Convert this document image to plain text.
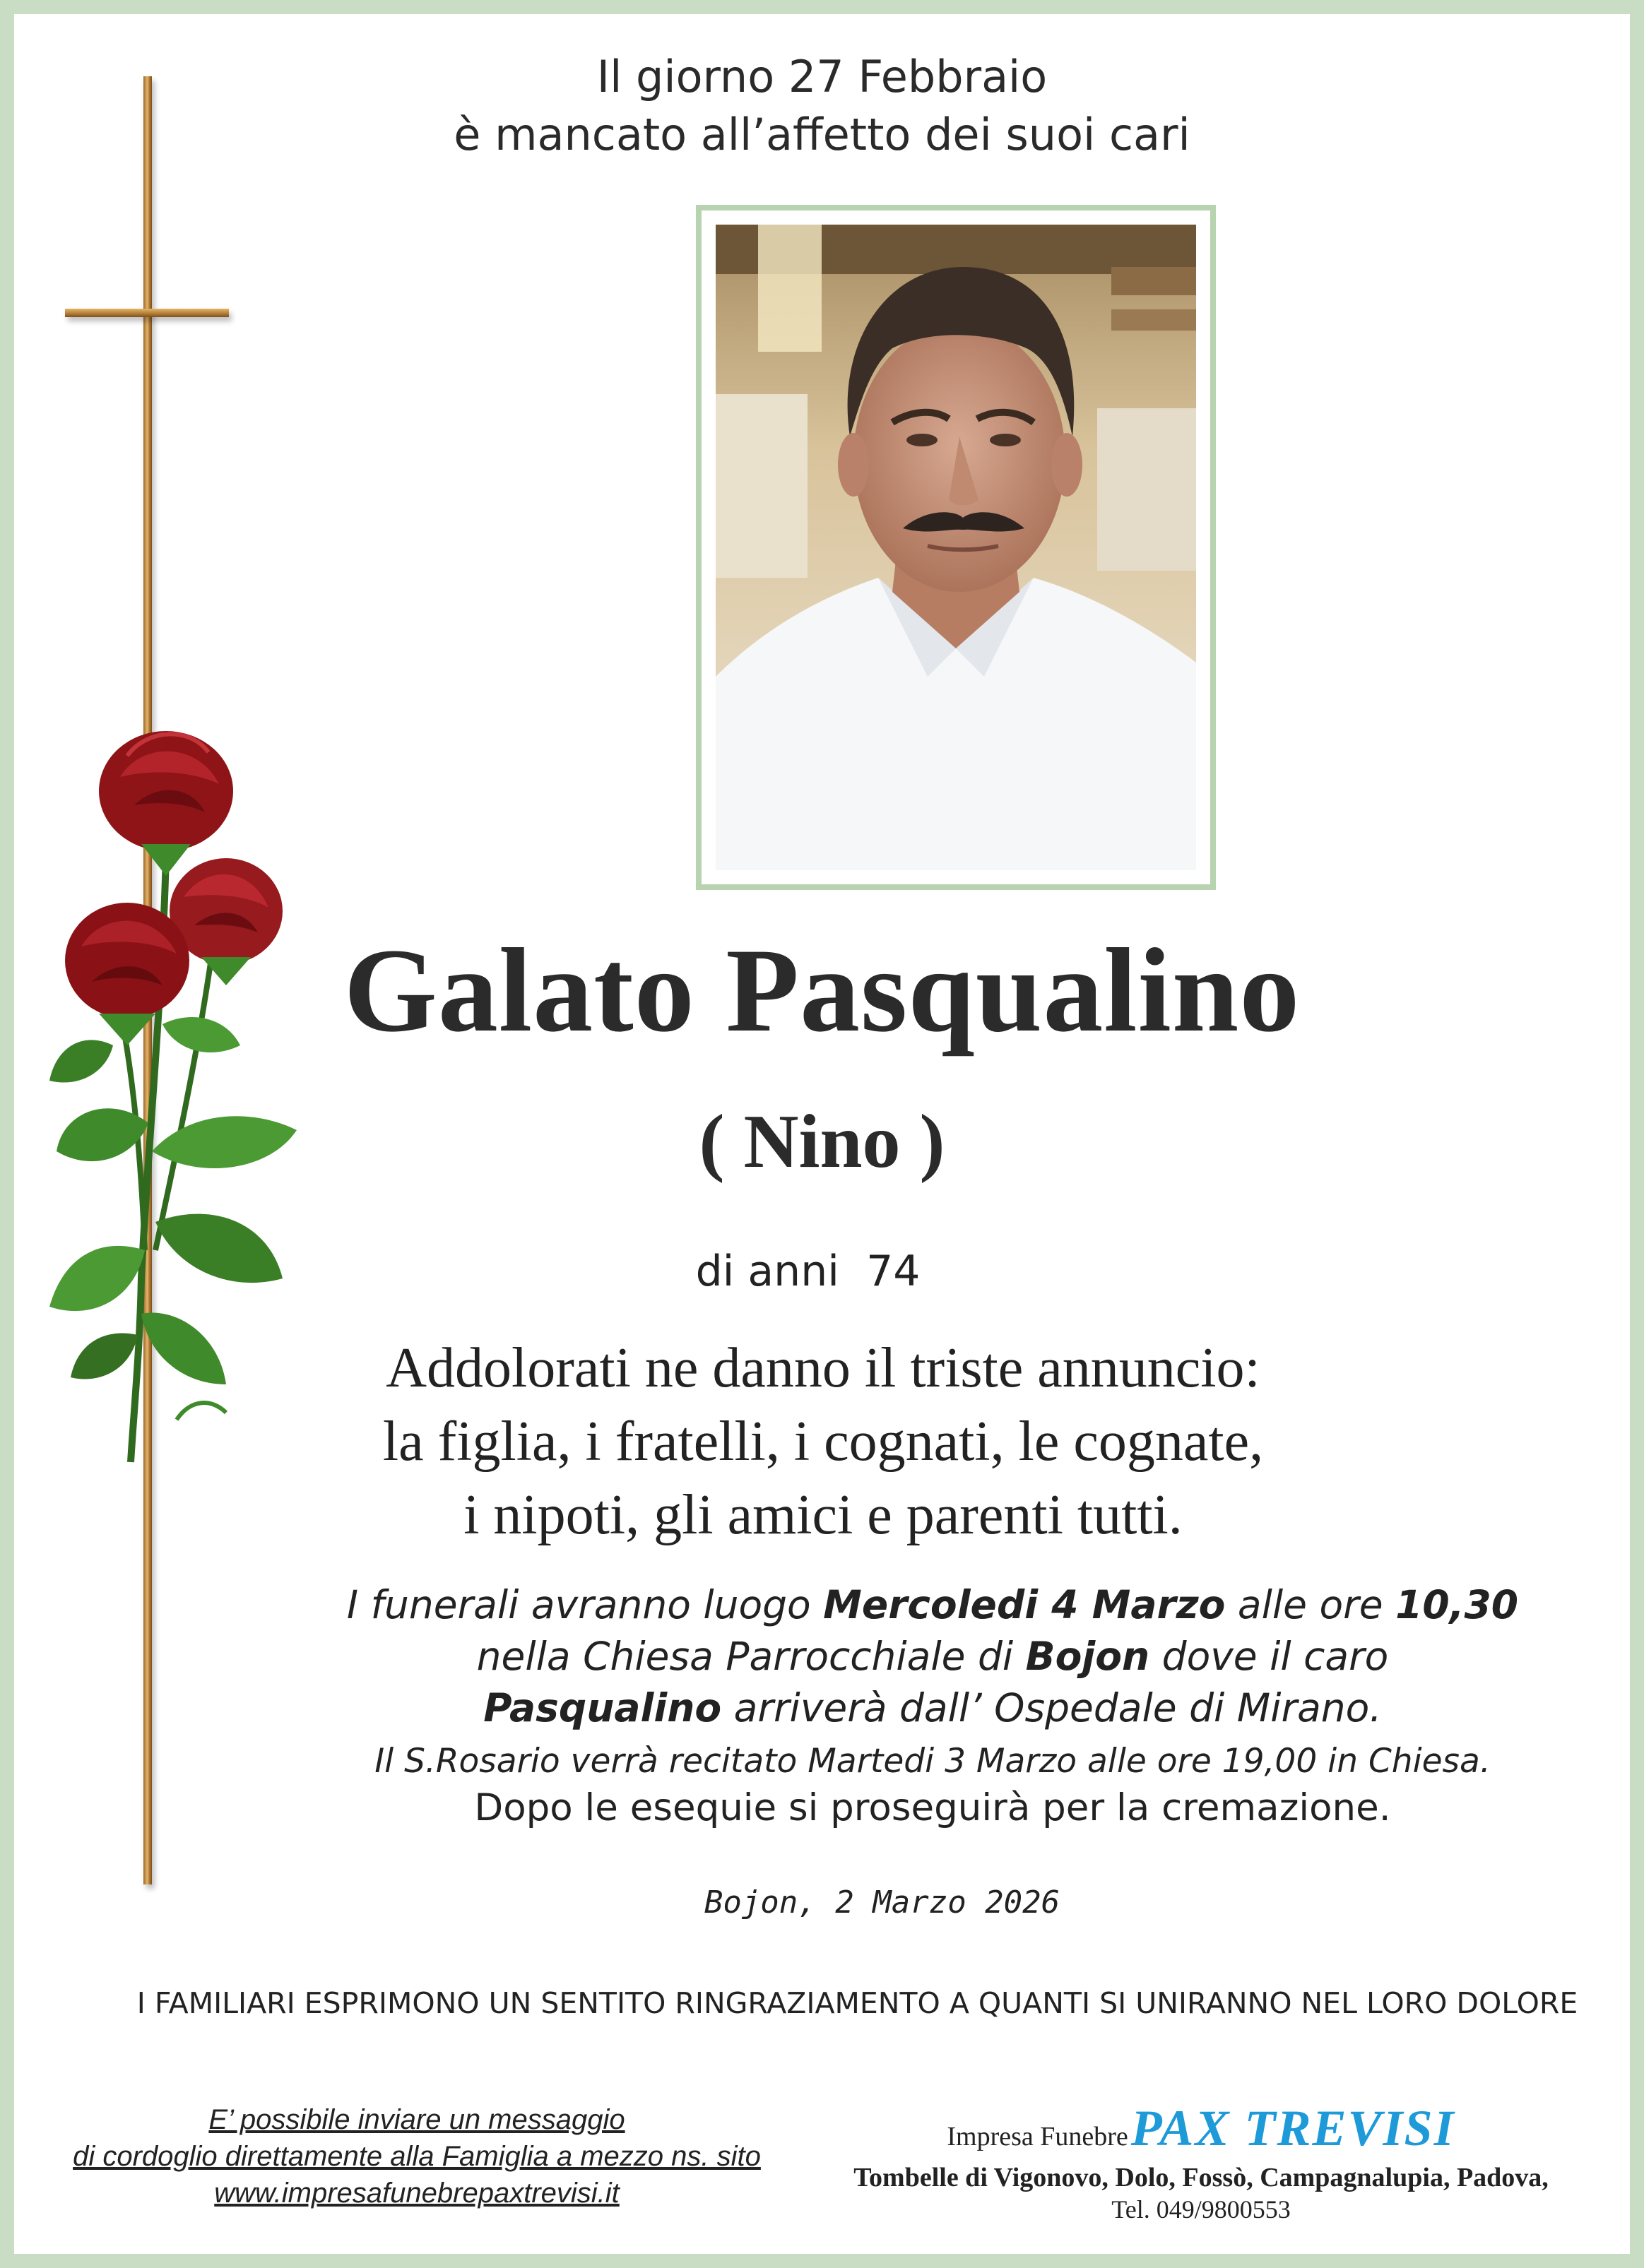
Il giorno 27 Febbraio
è mancato all’affetto dei suoi cari
Galato Pasqualino
( Nino )
di anni 74
Addolorati ne danno il triste annuncio:
la figlia, i fratelli, i cognati, le cognate,
i nipoti, gli amici e parenti tutti.
I funerali avranno luogo Mercoledi 4 Marzo alle ore 10,30
nella Chiesa Parrocchiale di Bojon dove il caro
Pasqualino arriverà dall’ Ospedale di Mirano.
Il S.Rosario verrà recitato Martedi 3 Marzo alle ore 19,00 in Chiesa.
Dopo le esequie si proseguirà per la cremazione.
Bojon, 2 Marzo 2026
I FAMILIARI ESPRIMONO UN SENTITO RINGRAZIAMENTO A QUANTI SI UNIRANNO NEL LORO DOLORE
E’ possibile inviare un messaggio
di cordoglio direttamente alla Famiglia a mezzo ns. sito
www.impresafunebrepaxtrevisi.it
Impresa Funebre PAX TREVISI
Tombelle di Vigonovo, Dolo, Fossò, Campagnalupia, Padova,
Tel. 049/9800553
